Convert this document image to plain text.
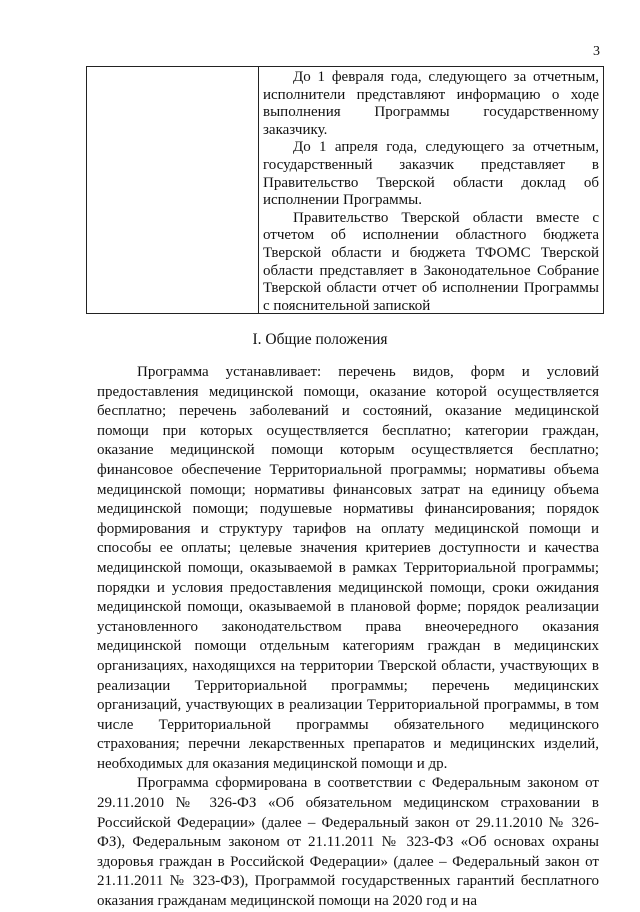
3

До 1 февраля года, следующего за отчетным, исполнители представляют информацию о ходе выполнения Программы государственному заказчику.

До 1 апреля года, следующего за отчетным, государственный заказчик представляет в Правительство Тверской области доклад об исполнении Программы.

Правительство Тверской области вместе с отчетом об исполнении областного бюджета Тверской области и бюджета ТФОМС Тверской области представляет в Законодательное Собрание Тверской области отчет об исполнении Программы с пояснительной запиской

I. Общие положения

Программа устанавливает: перечень видов, форм и условий предоставления медицинской помощи, оказание которой осуществляется бесплатно; перечень заболеваний и состояний, оказание медицинской помощи при которых осуществляется бесплатно; категории граждан, оказание медицинской помощи которым осуществляется бесплатно; финансовое обеспечение Территориальной программы; нормативы объема медицинской помощи; нормативы финансовых затрат на единицу объема медицинской помощи; подушевые нормативы финансирования; порядок формирования и структуру тарифов на оплату медицинской помощи и способы ее оплаты; целевые значения критериев доступности и качества медицинской помощи, оказываемой в рамках Территориальной программы; порядки и условия предоставления медицинской помощи, сроки ожидания медицинской помощи, оказываемой в плановой форме; порядок реализации установленного законодательством права внеочередного оказания медицинской помощи отдельным категориям граждан в медицинских организациях, находящихся на территории Тверской области, участвующих в реализации Территориальной программы; перечень медицинских организаций, участвующих в реализации Территориальной программы, в том числе Территориальной программы обязательного медицинского страхования; перечни лекарственных препаратов и медицинских изделий, необходимых для оказания медицинской помощи и др.

Программа сформирована в соответствии с Федеральным законом от 29.11.2010 № 326-ФЗ «Об обязательном медицинском страховании в Российской Федерации» (далее – Федеральный закон от 29.11.2010 № 326-ФЗ), Федеральным законом от 21.11.2011 № 323-ФЗ «Об основах охраны здоровья граждан в Российской Федерации» (далее – Федеральный закон от 21.11.2011 № 323-ФЗ), Программой государственных гарантий бесплатного оказания гражданам медицинской помощи на 2020 год и на
